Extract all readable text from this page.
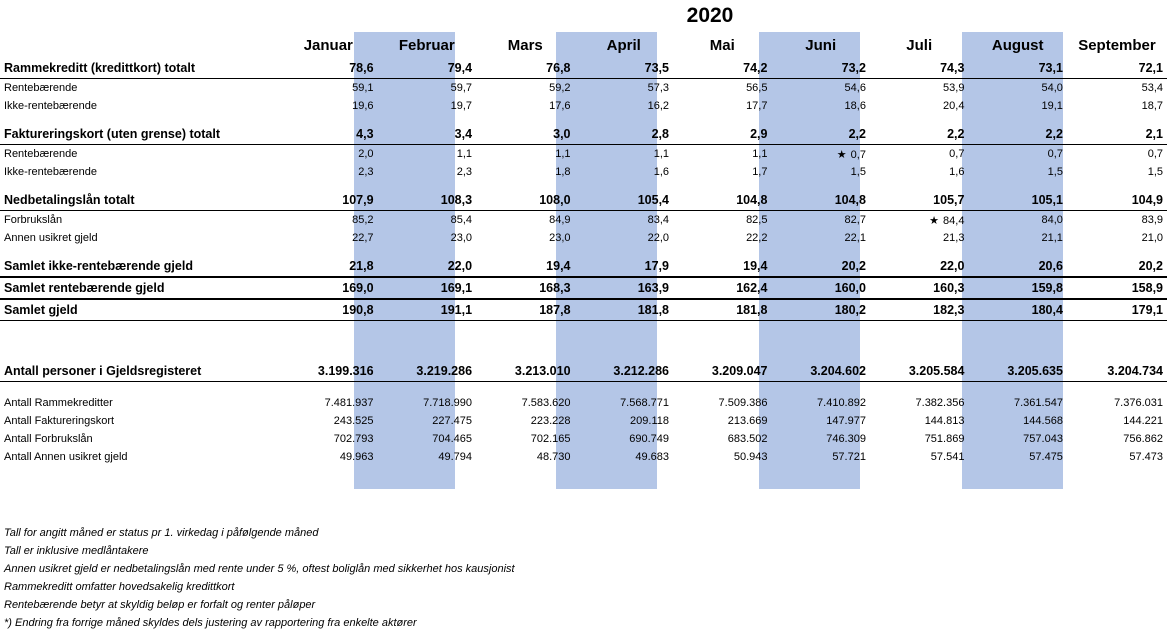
2020
	Januar	Februar	Mars	April	Mai	Juni	Juli	August	September
Rammekreditt (kredittkort) totalt	78,6	79,4	76,8	73,5	74,2	73,2	74,3	73,1	72,1
Rentebærende	59,1	59,7	59,2	57,3	56,5	54,6	53,9	54,0	53,4
Ikke-rentebærende	19,6	19,7	17,6	16,2	17,7	18,6	20,4	19,1	18,7

Faktureringskort (uten grense) totalt	4,3	3,4	3,0	2,8	2,9	2,2	2,2	2,2	2,1
Rentebærende	2,0	1,1	1,1	1,1	1,1	★ 0,7	0,7	0,7	0,7
Ikke-rentebærende	2,3	2,3	1,8	1,6	1,7	1,5	1,6	1,5	1,5

Nedbetalingslån totalt	107,9	108,3	108,0	105,4	104,8	104,8	105,7	105,1	104,9
Forbrukslån	85,2	85,4	84,9	83,4	82,5	82,7	★ 84,4	84,0	83,9
Annen usikret gjeld	22,7	23,0	23,0	22,0	22,2	22,1	21,3	21,1	21,0

Samlet ikke-rentebærende gjeld	21,8	22,0	19,4	17,9	19,4	20,2	22,0	20,6	20,2
Samlet rentebærende gjeld	169,0	169,1	168,3	163,9	162,4	160,0	160,3	159,8	158,9
Samlet gjeld	190,8	191,1	187,8	181,8	181,8	180,2	182,3	180,4	179,1

Antall personer i Gjeldsregisteret	3.199.316	3.219.286	3.213.010	3.212.286	3.209.047	3.204.602	3.205.584	3.205.635	3.204.734

Antall Rammekreditter	7.481.937	7.718.990	7.583.620	7.568.771	7.509.386	7.410.892	7.382.356	7.361.547	7.376.031
Antall Faktureringskort	243.525	227.475	223.228	209.118	213.669	147.977	144.813	144.568	144.221
Antall Forbrukslån	702.793	704.465	702.165	690.749	683.502	746.309	751.869	757.043	756.862
Antall Annen usikret gjeld	49.963	49.794	48.730	49.683	50.943	57.721	57.541	57.475	57.473
Tall for angitt måned er status pr 1. virkedag i påfølgende måned
Tall er inklusive medlåntakere
Annen usikret gjeld er nedbetalingslån med rente under 5 %, oftest boliglån med sikkerhet hos kausjonist
Rammekreditt omfatter hovedsakelig kredittkort
Rentebærende betyr at skyldig beløp er forfalt og renter påløper
*) Endring fra forrige måned skyldes dels justering av rapportering fra enkelte aktører
